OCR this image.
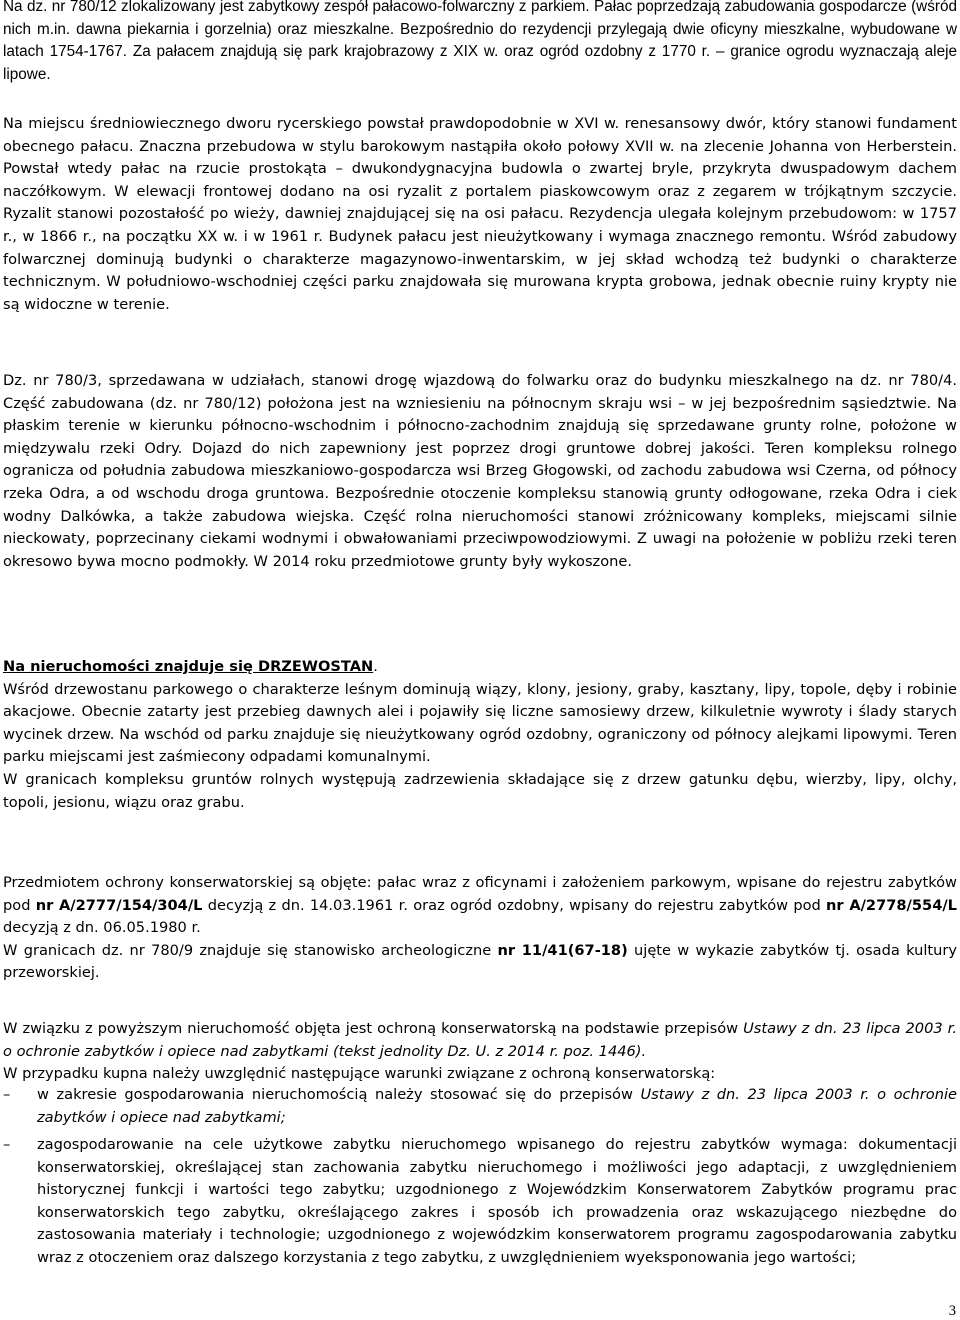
Na dz. nr 780/12 zlokalizowany jest zabytkowy zespół pałacowo-folwarczny z parkiem. Pałac poprzedzają zabudowania gospodarcze (wśród nich m.in. dawna piekarnia i gorzelnia) oraz mieszkalne. Bezpośrednio do rezydencji przylegają dwie oficyny mieszkalne, wybudowane w latach 1754-1767. Za pałacem znajdują się park krajobrazowy z XIX w. oraz ogród ozdobny z 1770 r. – granice ogrodu wyznaczają aleje lipowe.

Na miejscu średniowiecznego dworu rycerskiego powstał prawdopodobnie w XVI w. renesansowy dwór, który stanowi fundament obecnego pałacu. Znaczna przebudowa w stylu barokowym nastąpiła około połowy XVII w. na zlecenie Johanna von Herberstein. Powstał wtedy pałac na rzucie prostokąta – dwukondygnacyjna budowla o zwartej bryle, przykryta dwuspadowym dachem naczółkowym. W elewacji frontowej dodano na osi ryzalit z portalem piaskowcowym oraz z zegarem w trójkątnym szczycie. Ryzalit stanowi pozostałość po wieży, dawniej znajdującej się na osi pałacu. Rezydencja ulegała kolejnym przebudowom: w 1757 r., w 1866 r., na początku XX w. i w 1961 r. Budynek pałacu jest nieużytkowany i wymaga znacznego remontu. Wśród zabudowy folwarcznej dominują budynki o charakterze magazynowo-inwentarskim, w jej skład wchodzą też budynki o charakterze technicznym. W południowo-wschodniej części parku znajdowała się murowana krypta grobowa, jednak obecnie ruiny krypty nie są widoczne w terenie.

Dz. nr 780/3, sprzedawana w udziałach, stanowi drogę wjazdową do folwarku oraz do budynku mieszkalnego na dz. nr 780/4. Część zabudowana (dz. nr 780/12) położona jest na wzniesieniu na północnym skraju wsi – w jej bezpośrednim sąsiedztwie. Na płaskim terenie w kierunku północno-wschodnim i północno-zachodnim znajdują się sprzedawane grunty rolne, położone w międzywalu rzeki Odry. Dojazd do nich zapewniony jest poprzez drogi gruntowe dobrej jakości. Teren kompleksu rolnego ogranicza od południa zabudowa mieszkaniowo-gospodarcza wsi Brzeg Głogowski, od zachodu zabudowa wsi Czerna, od północy rzeka Odra, a od wschodu droga gruntowa. Bezpośrednie otoczenie kompleksu stanowią grunty odłogowane, rzeka Odra i ciek wodny Dalkówka, a także zabudowa wiejska. Część rolna nieruchomości stanowi zróżnicowany kompleks, miejscami silnie nieckowaty, poprzecinany ciekami wodnymi i obwałowaniami przeciwpowodziowymi. Z uwagi na położenie w pobliżu rzeki teren okresowo bywa mocno podmokły. W 2014 roku przedmiotowe grunty były wykoszone.

Na nieruchomości znajduje się DRZEWOSTAN.

Wśród drzewostanu parkowego o charakterze leśnym dominują wiązy, klony, jesiony, graby, kasztany, lipy, topole, dęby i robinie akacjowe. Obecnie zatarty jest przebieg dawnych alei i pojawiły się liczne samosiewy drzew, kilkuletnie wywroty i ślady starych wycinek drzew. Na wschód od parku znajduje się nieużytkowany ogród ozdobny, ograniczony od północy alejkami lipowymi. Teren parku miejscami jest zaśmiecony odpadami komunalnymi.

W granicach kompleksu gruntów rolnych występują zadrzewienia składające się z drzew gatunku dębu, wierzby, lipy, olchy, topoli, jesionu, wiązu oraz grabu.

Przedmiotem ochrony konserwatorskiej są objęte: pałac wraz z oficynami i założeniem parkowym, wpisane do rejestru zabytków pod nr A/2777/154/304/L decyzją z dn. 14.03.1961 r. oraz ogród ozdobny, wpisany do rejestru zabytków pod nr A/2778/554/L decyzją z dn. 06.05.1980 r.

W granicach dz. nr 780/9 znajduje się stanowisko archeologiczne nr 11/41(67-18) ujęte w wykazie zabytków tj. osada kultury przeworskiej.

W związku z powyższym nieruchomość objęta jest ochroną konserwatorską na podstawie przepisów Ustawy z dn. 23 lipca 2003 r. o ochronie zabytków i opiece nad zabytkami (tekst jednolity Dz. U. z 2014 r. poz. 1446).

W przypadku kupna należy uwzględnić następujące warunki związane z ochroną konserwatorską:

– w zakresie gospodarowania nieruchomością należy stosować się do przepisów Ustawy z dn. 23 lipca 2003 r. o ochronie zabytków i opiece nad zabytkami;
– zagospodarowanie na cele użytkowe zabytku nieruchomego wpisanego do rejestru zabytków wymaga: dokumentacji konserwatorskiej, określającej stan zachowania zabytku nieruchomego i możliwości jego adaptacji, z uwzględnieniem historycznej funkcji i wartości tego zabytku; uzgodnionego z Wojewódzkim Konserwatorem Zabytków programu prac konserwatorskich tego zabytku, określającego zakres i sposób ich prowadzenia oraz wskazującego niezbędne do zastosowania materiały i technologie; uzgodnionego z wojewódzkim konserwatorem programu zagospodarowania zabytku wraz z otoczeniem oraz dalszego korzystania z tego zabytku, z uwzględnieniem wyeksponowania jego wartości;
3
